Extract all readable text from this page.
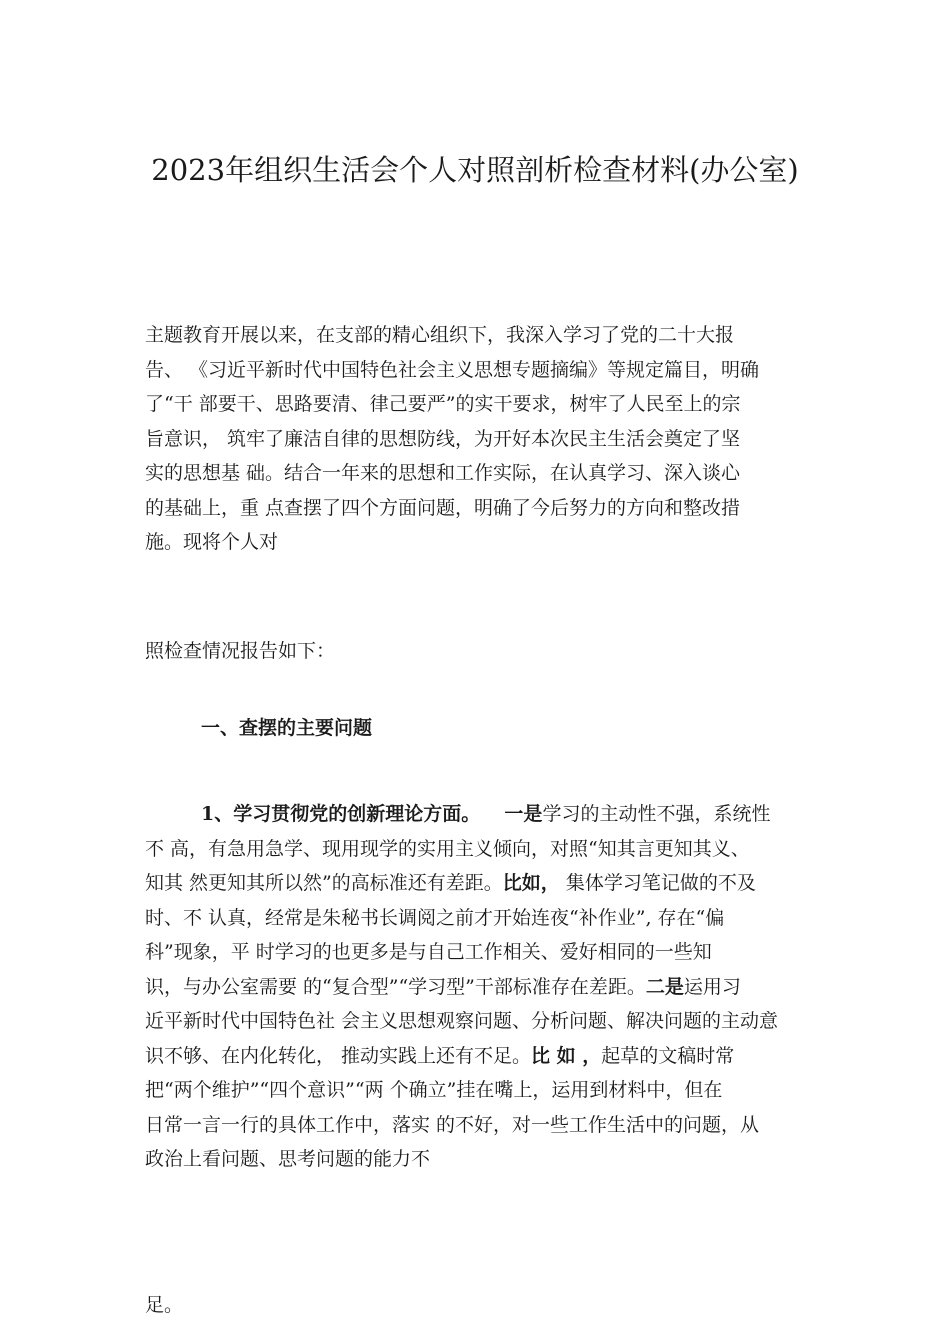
2023年组织生活会个人对照剖析检查材料(办公室)
主题教育开展以来，在支部的精心组织下，我深入学习了党的二十大报
告、 《习近平新时代中国特色社会主义思想专题摘编》等规定篇目，明确
了“干 部要干、思路要清、律己要严”的实干要求，树牢了人民至上的宗
旨意识， 筑牢了廉洁自律的思想防线，为开好本次民主生活会奠定了坚
实的思想基 础。结合一年来的思想和工作实际，在认真学习、深入谈心
的基础上，重 点查摆了四个方面问题，明确了今后努力的方向和整改措
施。现将个人对
照检查情况报告如下：
一、查摆的主要问题
1、学习贯彻党的创新理论方面。 一是学习的主动性不强，系统性
不 高，有急用急学、现用现学的实用主义倾向，对照“知其言更知其义、
知其 然更知其所以然”的高标准还有差距。比如， 集体学习笔记做的不及
时、不 认真，经常是朱秘书长调阅之前才开始连夜“补作业”, 存在“偏
科”现象，平 时学习的也更多是与自己工作相关、爱好相同的一些知
识，与办公室需要 的“复合型”“学习型”干部标准存在差距。二是运用习
近平新时代中国特色社 会主义思想观察问题、分析问题、解决问题的主动意
识不够、在内化转化， 推动实践上还有不足。比 如 ，起草的文稿时常
把“两个维护”“四个意识”“两 个确立”挂在嘴上，运用到材料中，但在
日常一言一行的具体工作中，落实 的不好，对一些工作生活中的问题，从
政治上看问题、思考问题的能力不
足。
